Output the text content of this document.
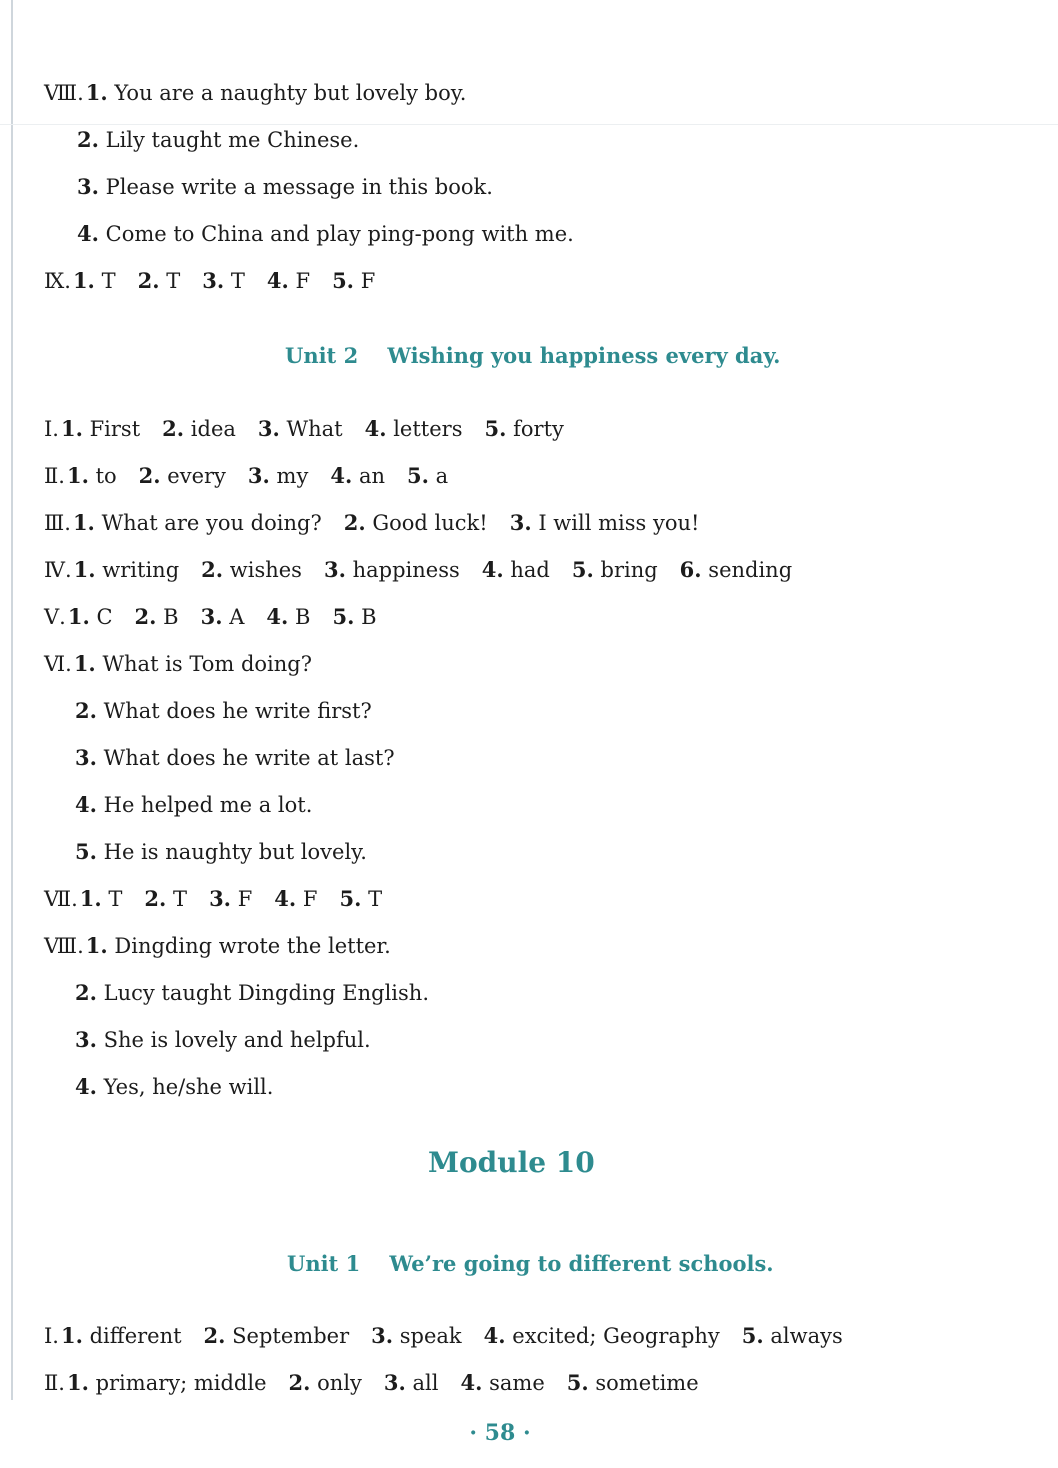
Ⅷ.1. You are a naughty but lovely boy.
2. Lily taught me Chinese.
3. Please write a message in this book.
4. Come to China and play ping-pong with me.
Ⅸ.1. T 2. T 3. T 4. F 5. F
Unit 2    Wishing you happiness every day.
Ⅰ.1. First 2. idea 3. What 4. letters 5. forty
Ⅱ.1. to 2. every 3. my 4. an 5. a
Ⅲ.1. What are you doing? 2. Good luck! 3. I will miss you!
Ⅳ.1. writing 2. wishes 3. happiness 4. had 5. bring 6. sending
Ⅴ.1. C 2. B 3. A 4. B 5. B
Ⅵ.1. What is Tom doing?
2. What does he write first?
3. What does he write at last?
4. He helped me a lot.
5. He is naughty but lovely.
Ⅶ.1. T 2. T 3. F 4. F 5. T
Ⅷ.1. Dingding wrote the letter.
2. Lucy taught Dingding English.
3. She is lovely and helpful.
4. Yes, he/she will.
Module 10
Unit 1    We’re going to different schools.
Ⅰ.1. different 2. September 3. speak 4. excited; Geography 5. always
Ⅱ.1. primary; middle 2. only 3. all 4. same 5. sometime
· 58 ·
